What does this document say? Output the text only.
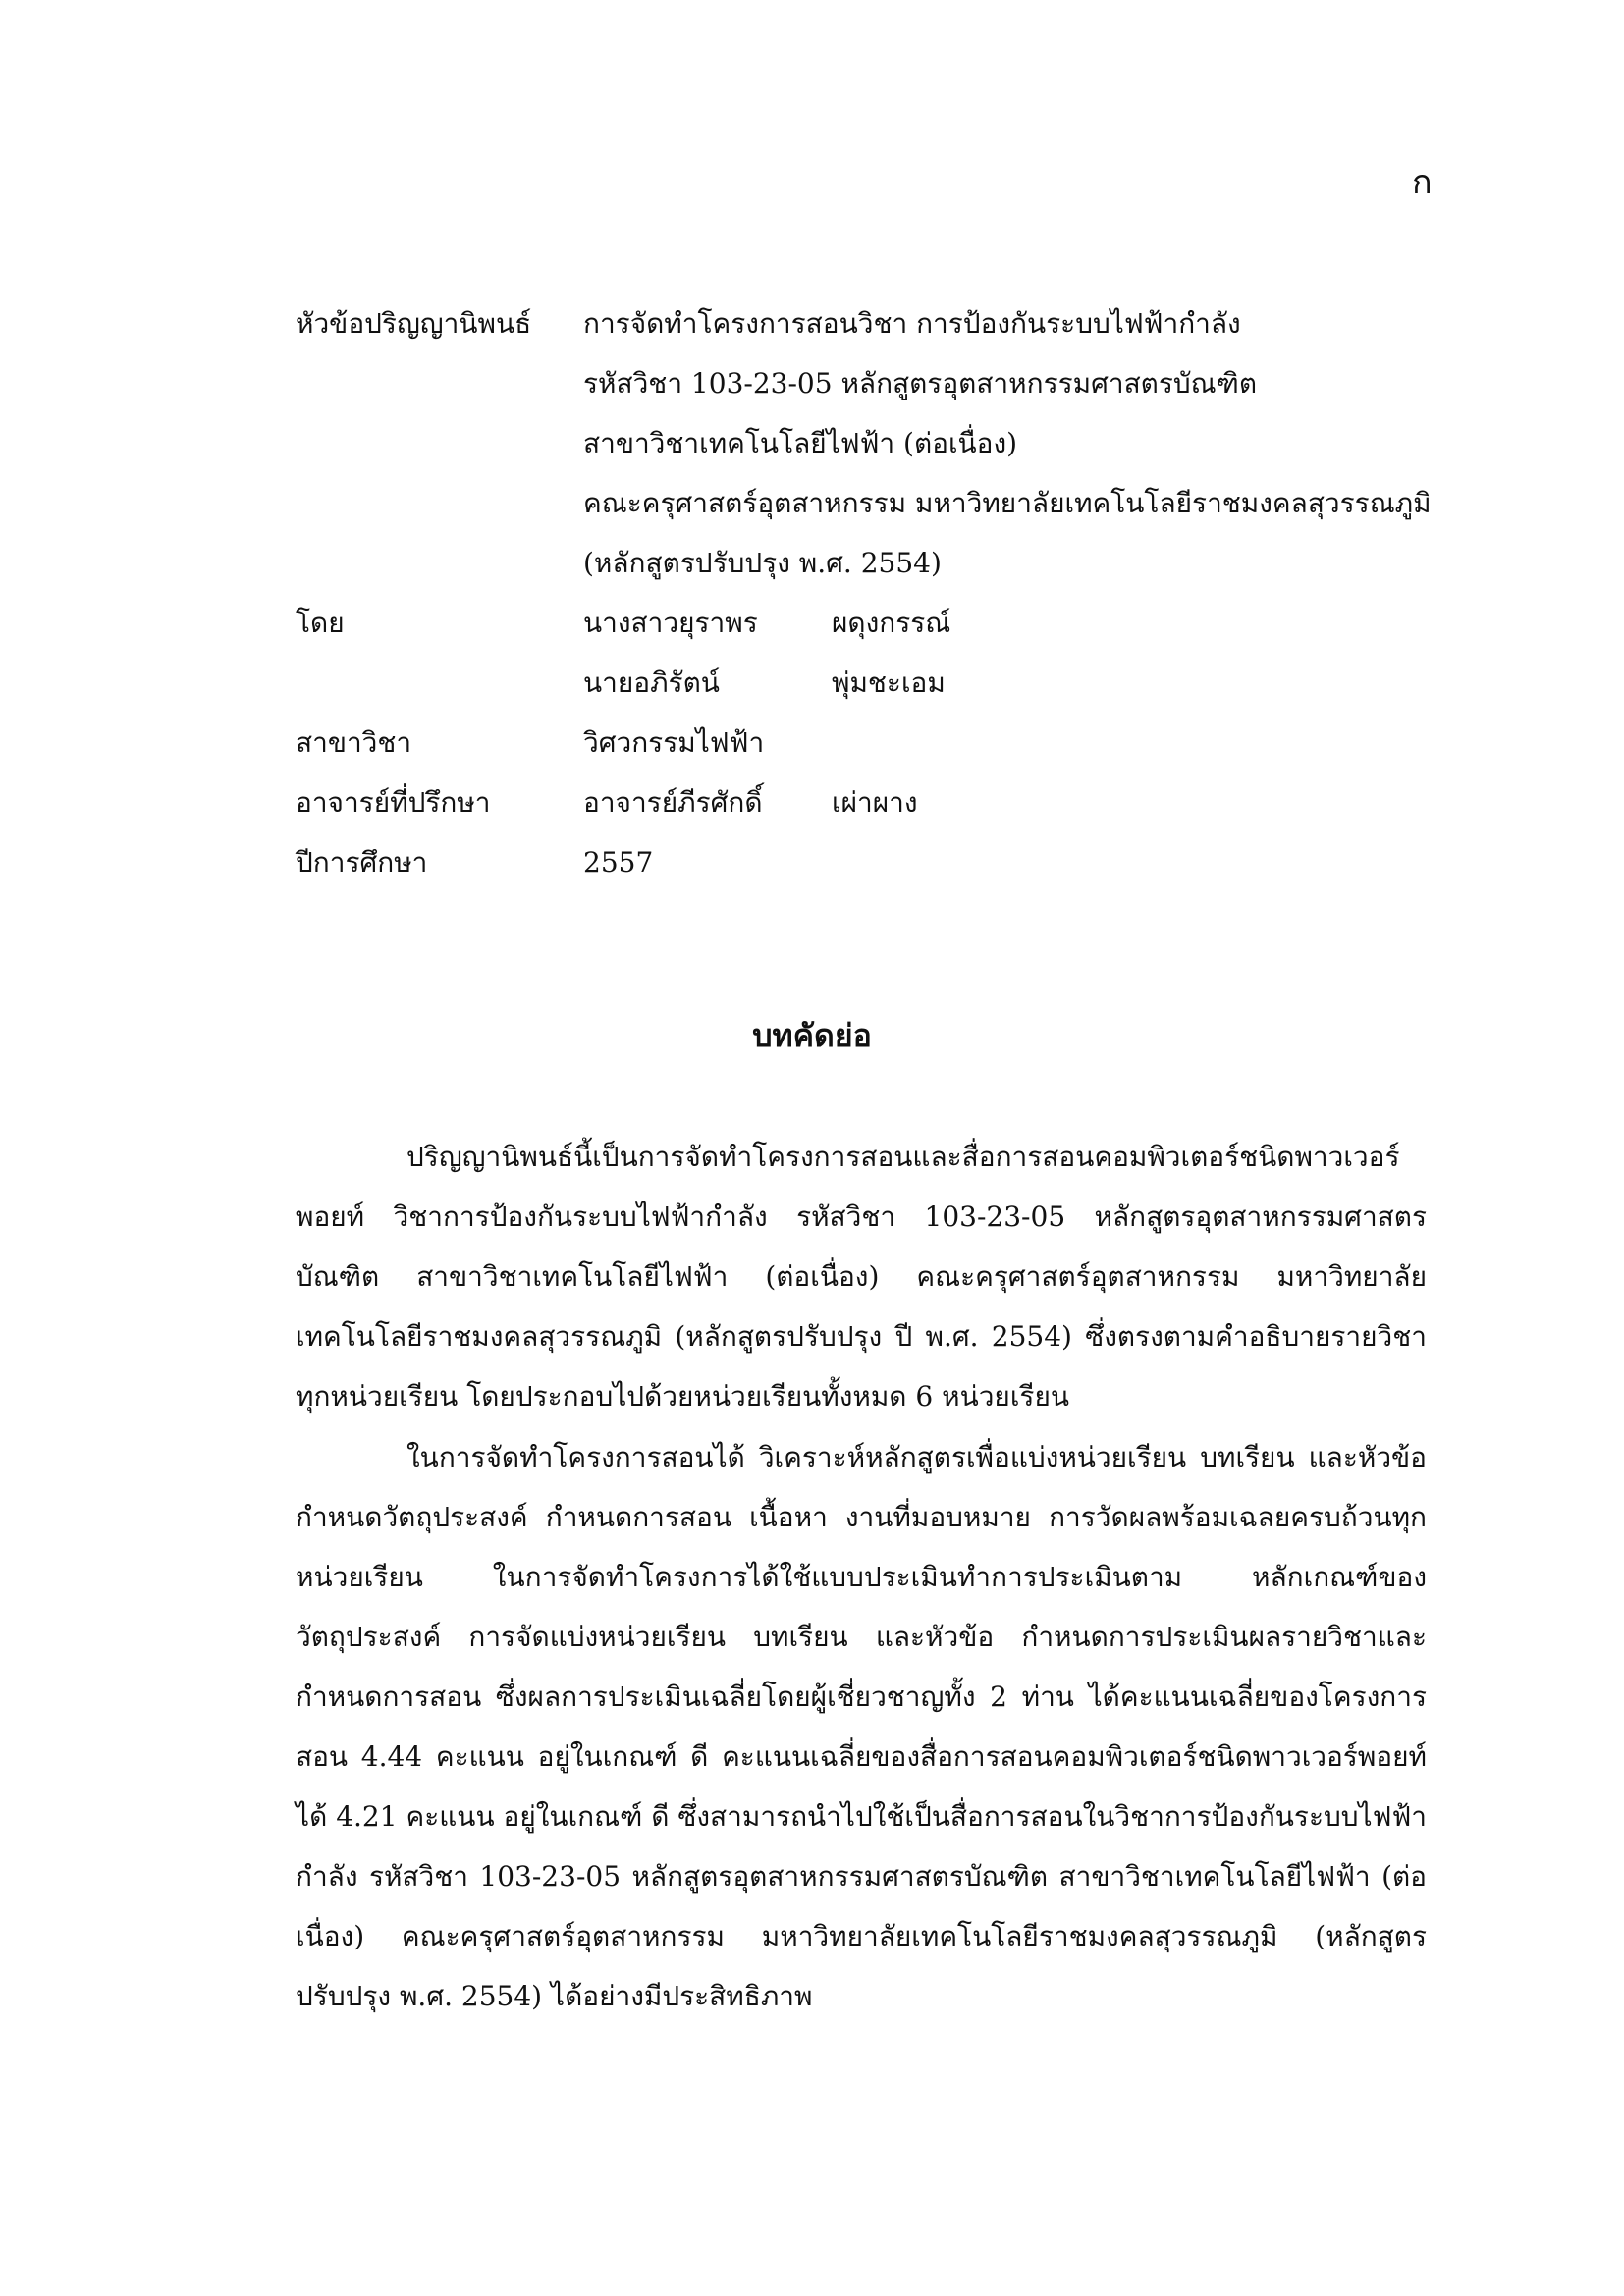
ก
หัวข้อปริญญานิพนธ์ การจัดทำโครงการสอนวิชา การป้องกันระบบไฟฟ้ากำลัง
รหัสวิชา 103-23-05 หลักสูตรอุตสาหกรรมศาสตรบัณฑิต
สาขาวิชาเทคโนโลยีไฟฟ้า (ต่อเนื่อง)
คณะครุศาสตร์อุตสาหกรรม มหาวิทยาลัยเทคโนโลยีราชมงคลสุวรรณภูมิ
(หลักสูตรปรับปรุง พ.ศ. 2554)
โดย	นางสาวยุราพร	ผดุงกรรณ์
นายอภิรัตน์	พุ่มชะเอม
สาขาวิชา	วิศวกรรมไฟฟ้า
อาจารย์ที่ปรึกษา	อาจารย์ภีรศักดิ์	เผ่าผาง
ปีการศึกษา	2557
บทคัดย่อ

ปริญญานิพนธ์นี้เป็นการจัดทำโครงการสอนและสื่อการสอนคอมพิวเตอร์ชนิดพาวเวอร์พอยท์ วิชาการป้องกันระบบไฟฟ้ากำลัง รหัสวิชา 103-23-05 หลักสูตรอุตสาหกรรมศาสตรบัณฑิต สาขาวิชาเทคโนโลยีไฟฟ้า (ต่อเนื่อง) คณะครุศาสตร์อุตสาหกรรม มหาวิทยาลัยเทคโนโลยีราชมงคลสุวรรณภูมิ (หลักสูตรปรับปรุง ปี พ.ศ. 2554) ซึ่งตรงตามคำอธิบายรายวิชาทุกหน่วยเรียน โดยประกอบไปด้วยหน่วยเรียนทั้งหมด 6 หน่วยเรียน

ในการจัดทำโครงการสอนได้ วิเคราะห์หลักสูตรเพื่อแบ่งหน่วยเรียน บทเรียน และหัวข้อ กำหนดวัตถุประสงค์ กำหนดการสอน เนื้อหา งานที่มอบหมาย การวัดผลพร้อมเฉลยครบถ้วนทุกหน่วยเรียน ในการจัดทำโครงการได้ใช้แบบประเมินทำการประเมินตาม หลักเกณฑ์ของวัตถุประสงค์ การจัดแบ่งหน่วยเรียน บทเรียน และหัวข้อ กำหนดการประเมินผลรายวิชาและกำหนดการสอน ซึ่งผลการประเมินเฉลี่ยโดยผู้เชี่ยวชาญทั้ง 2 ท่าน ได้คะแนนเฉลี่ยของโครงการสอน 4.44 คะแนน อยู่ในเกณฑ์ ดี คะแนนเฉลี่ยของสื่อการสอนคอมพิวเตอร์ชนิดพาวเวอร์พอยท์ได้ 4.21 คะแนน อยู่ในเกณฑ์ ดี ซึ่งสามารถนำไปใช้เป็นสื่อการสอนในวิชาการป้องกันระบบไฟฟ้ากำลัง รหัสวิชา 103-23-05 หลักสูตรอุตสาหกรรมศาสตรบัณฑิต สาขาวิชาเทคโนโลยีไฟฟ้า (ต่อเนื่อง) คณะครุศาสตร์อุตสาหกรรม มหาวิทยาลัยเทคโนโลยีราชมงคลสุวรรณภูมิ (หลักสูตรปรับปรุง พ.ศ. 2554) ได้อย่างมีประสิทธิภาพ
